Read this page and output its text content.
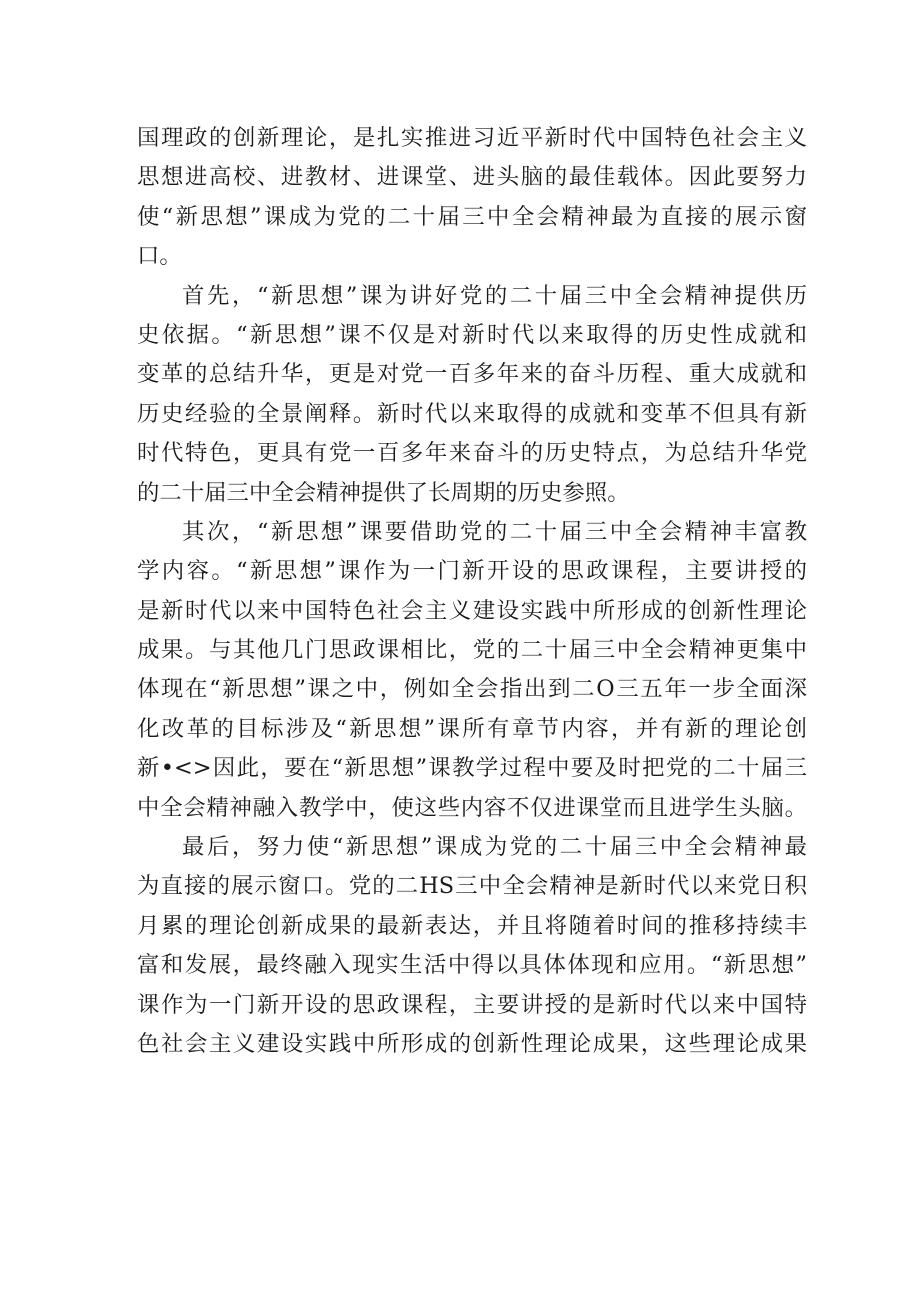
国理政的创新理论，是扎实推进习近平新时代中国特色社会主义
思想进高校、进教材、进课堂、进头脑的最佳载体。因此要努力
使“新思想”课成为党的二十届三中全会精神最为直接的展示窗
口。
首先，“新思想”课为讲好党的二十届三中全会精神提供历
史依据。“新思想”课不仅是对新时代以来取得的历史性成就和
变革的总结升华，更是对党一百多年来的奋斗历程、重大成就和
历史经验的全景阐释。新时代以来取得的成就和变革不但具有新
时代特色，更具有党一百多年来奋斗的历史特点，为总结升华党
的二十届三中全会精神提供了长周期的历史参照。
其次，“新思想”课要借助党的二十届三中全会精神丰富教
学内容。“新思想”课作为一门新开设的思政课程，主要讲授的
是新时代以来中国特色社会主义建设实践中所形成的创新性理论
成果。与其他几门思政课相比，党的二十届三中全会精神更集中
体现在“新思想”课之中，例如全会指出到二O三五年一步全面深
化改革的目标涉及“新思想”课所有章节内容，并有新的理论创
新•<>因此，要在“新思想”课教学过程中要及时把党的二十届三
中全会精神融入教学中，使这些内容不仅进课堂而且进学生头脑。
最后，努力使“新思想”课成为党的二十届三中全会精神最
为直接的展示窗口。党的二HS三中全会精神是新时代以来党日积
月累的理论创新成果的最新表达，并且将随着时间的推移持续丰
富和发展，最终融入现实生活中得以具体体现和应用。“新思想”
课作为一门新开设的思政课程，主要讲授的是新时代以来中国特
色社会主义建设实践中所形成的创新性理论成果，这些理论成果
